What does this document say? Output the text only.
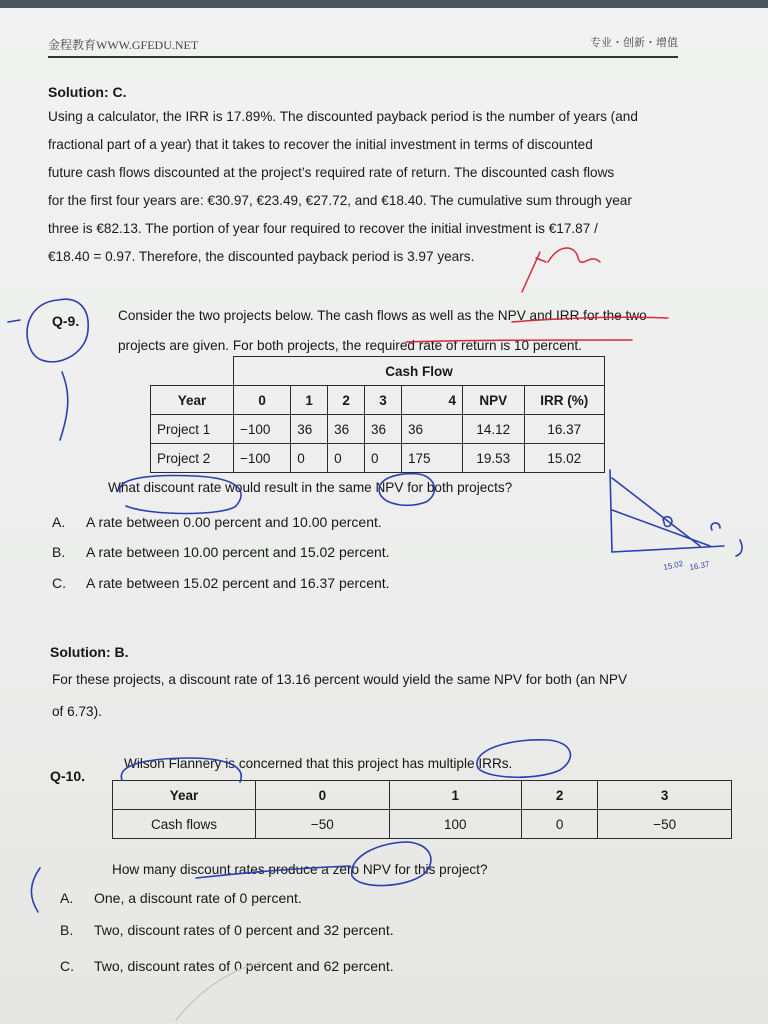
金程教育WWW.GFEDU.NET	专业・创新・增值
Solution: C.

Using a calculator, the IRR is 17.89%. The discounted payback period is the number of years (and

fractional part of a year) that it takes to recover the initial investment in terms of discounted

future cash flows discounted at the project’s required rate of return. The discounted cash flows

for the first four years are: €30.97, €23.49, €27.72, and €18.40. The cumulative sum through year

three is €82.13. The portion of year four required to recover the initial investment is €17.87 /

€18.40 = 0.97. Therefore, the discounted payback period is 3.97 years.

Q-9.	Consider the two projects below. The cash flows as well as the NPV and IRR for the two
projects are given. For both projects, the required rate of return is 10 percent.
	Cash Flow						
Year	0	1	2	3	4	NPV	IRR (%)
Project 1	−100	36	36	36	36	14.12	16.37
Project 2	−100	0	0	0	175	19.53	15.02
What discount rate would result in the same NPV for both projects?
A. A rate between 0.00 percent and 10.00 percent.
B. A rate between 10.00 percent and 15.02 percent.
C. A rate between 15.02 percent and 16.37 percent.
Solution: B.
For these projects, a discount rate of 13.16 percent would yield the same NPV for both (an NPV
of 6.73).
Q-10.
Wilson Flannery is concerned that this project has multiple IRRs.
Year	0	1	2	3
Cash flows	−50	100	0	−50
How many discount rates produce a zero NPV for this project?
A. One, a discount rate of 0 percent.
B. Two, discount rates of 0 percent and 32 percent.
C. Two, discount rates of 0 percent and 62 percent.
15.02 16.37
